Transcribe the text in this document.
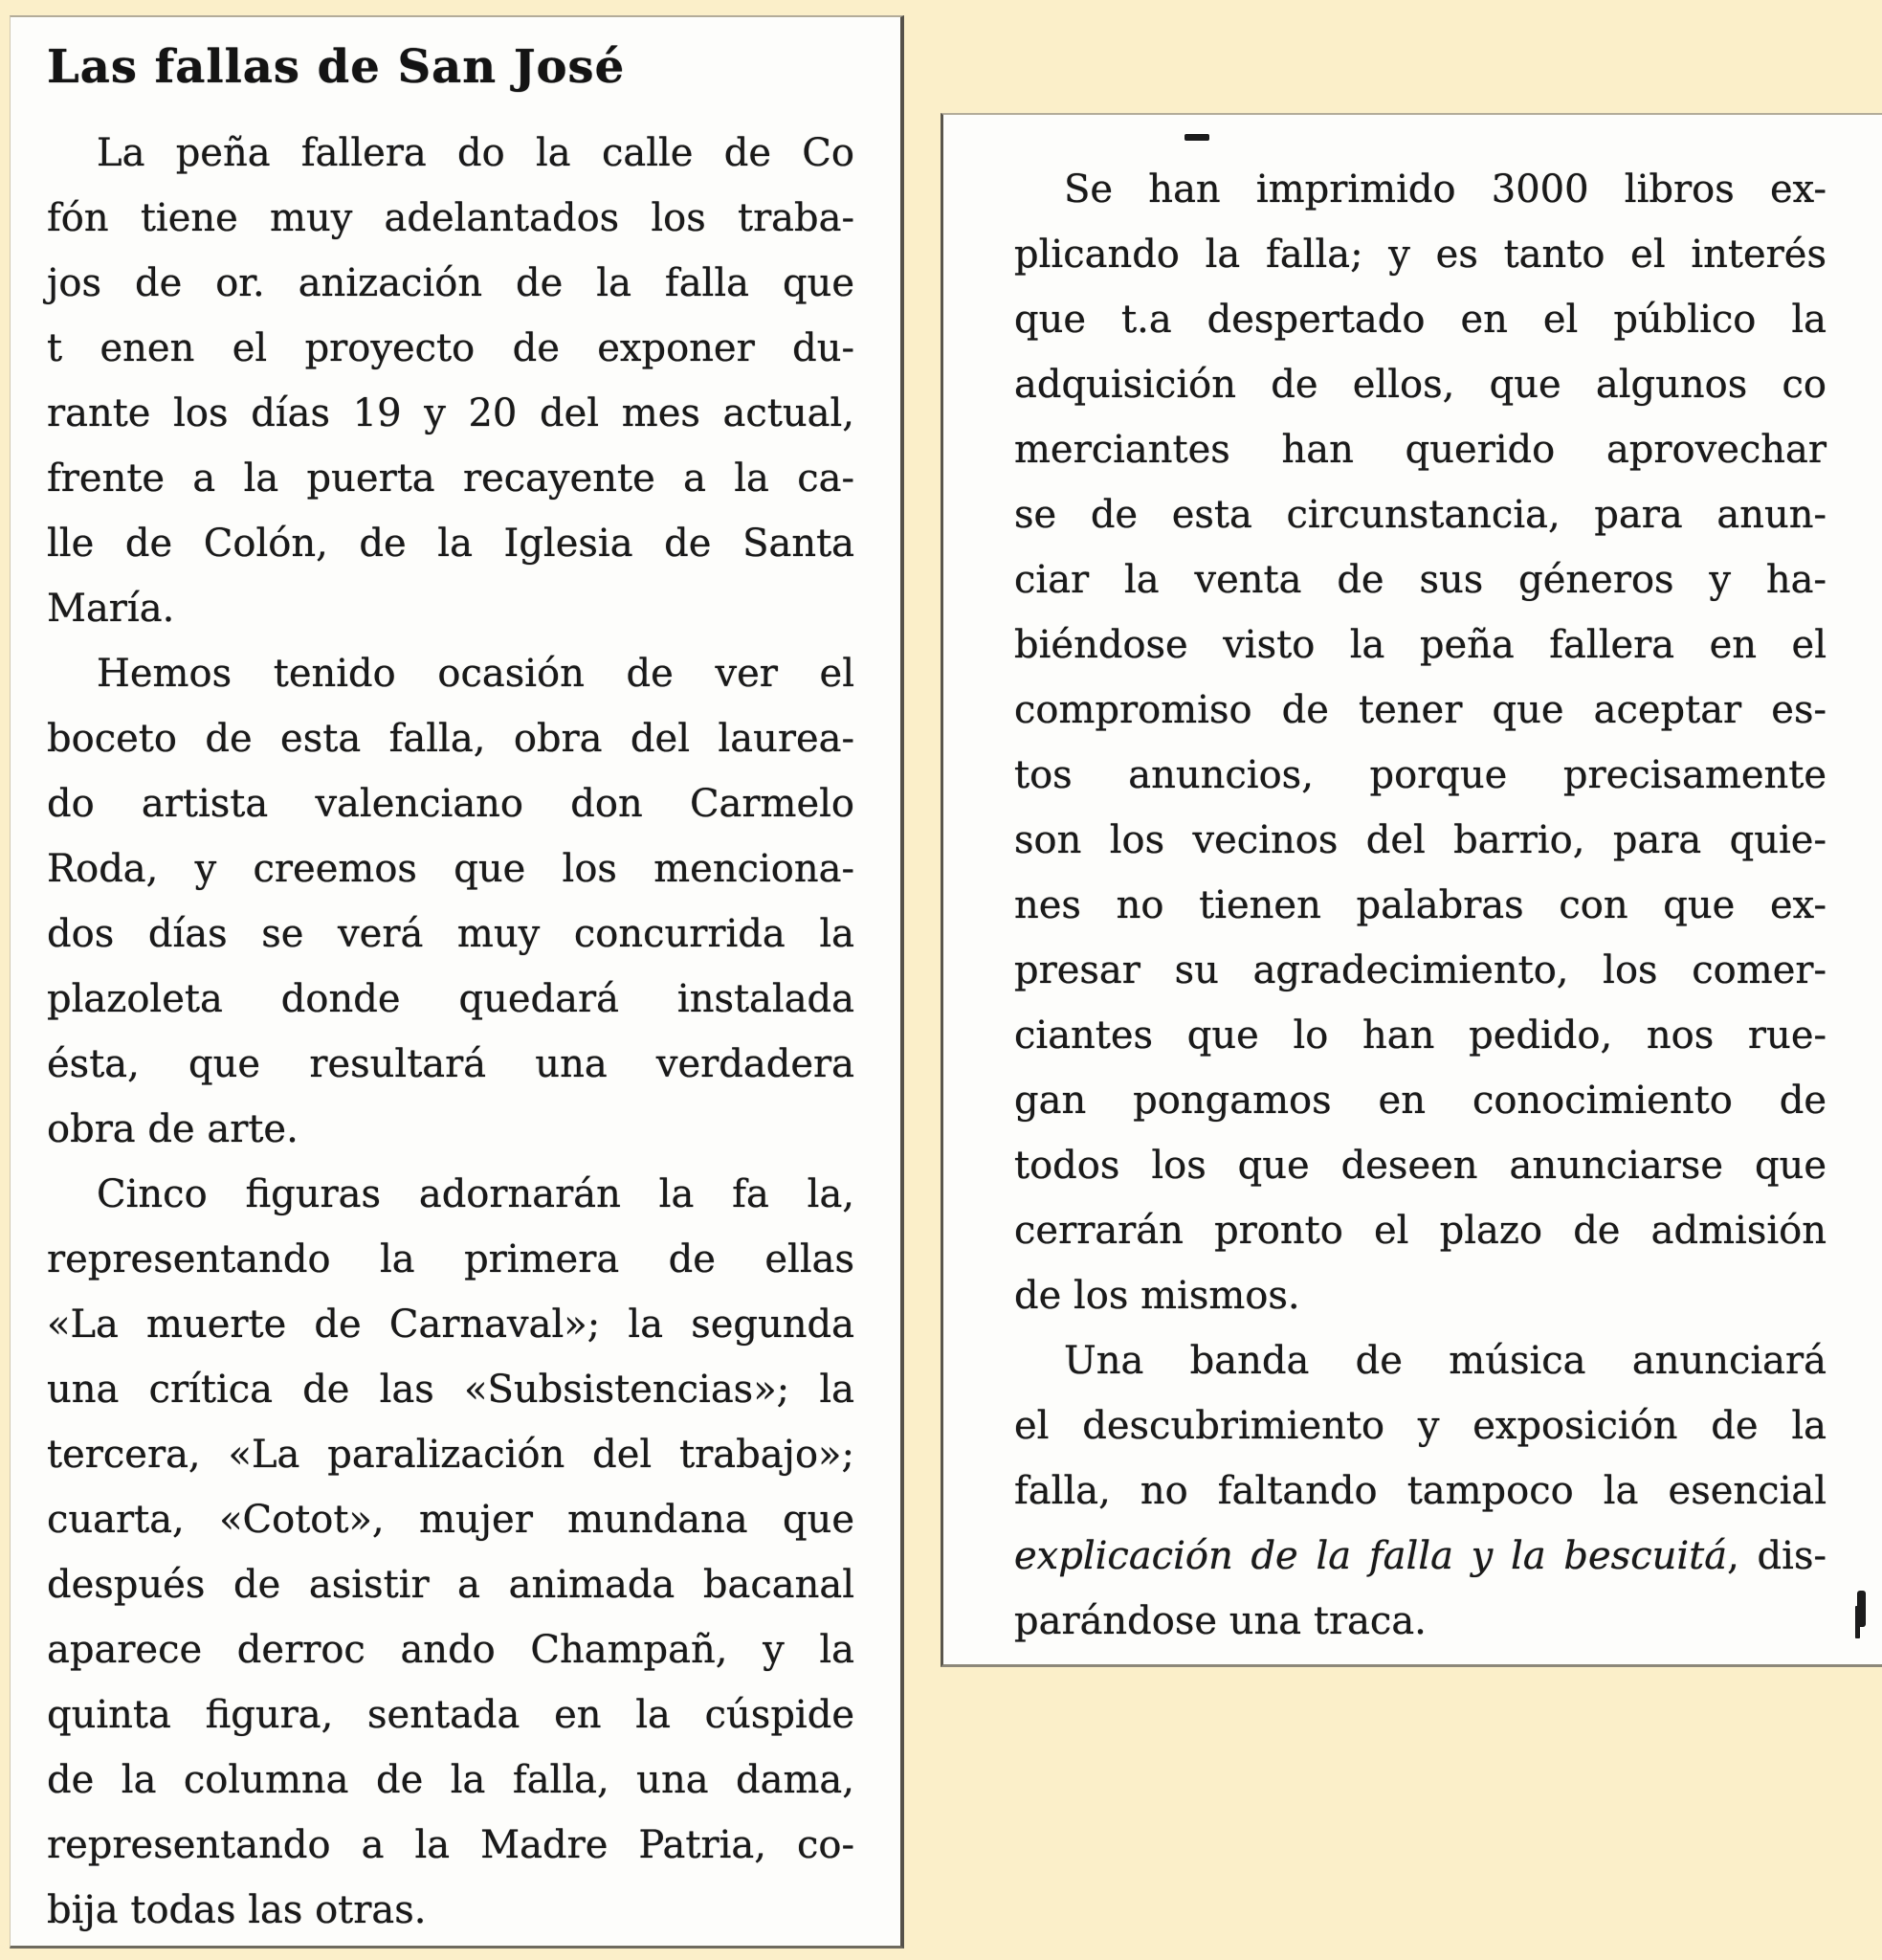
Las fallas de San José
La peña fallera do la calle de Co
fón tiene muy adelantados los traba-
jos de or. anización de la falla que
t enen el proyecto de exponer du-
rante los días 19 y 20 del mes actual,
frente a la puerta recayente a la ca-
lle de Colón, de la Iglesia de Santa
María.
Hemos tenido ocasión de ver el
boceto de esta falla, obra del laurea-
do artista valenciano don Carmelo
Roda, y creemos que los menciona-
dos días se verá muy concurrida la
plazoleta donde quedará instalada
ésta, que resultará una verdadera
obra de arte.
Cinco figuras adornarán la fa la,
representando la primera de ellas
«La muerte de Carnaval»; la segunda
una crítica de las «Subsistencias»; la
tercera, «La paralización del trabajo»;
cuarta, «Cotot», mujer mundana que
después de asistir a animada bacanal
aparece derroc ando Champañ, y la
quinta figura, sentada en la cúspide
de la columna de la falla, una dama,
representando a la Madre Patria, co-
bija todas las otras.
Se han imprimido 3000 libros ex-
plicando la falla; y es tanto el interés
que t.a despertado en el público la
adquisición de ellos, que algunos co
merciantes han querido aprovechar
se de esta circunstancia, para anun-
ciar la venta de sus géneros y ha-
biéndose visto la peña fallera en el
compromiso de tener que aceptar es-
tos anuncios, porque precisamente
son los vecinos del barrio, para quie-
nes no tienen palabras con que ex-
presar su agradecimiento, los comer-
ciantes que lo han pedido, nos rue-
gan pongamos en conocimiento de
todos los que deseen anunciarse que
cerrarán pronto el plazo de admisión
de los mismos.
Una banda de música anunciará
el descubrimiento y exposición de la
falla, no faltando tampoco la esencial
explicación de la falla y la bescuitá, dis-
parándose una traca.
